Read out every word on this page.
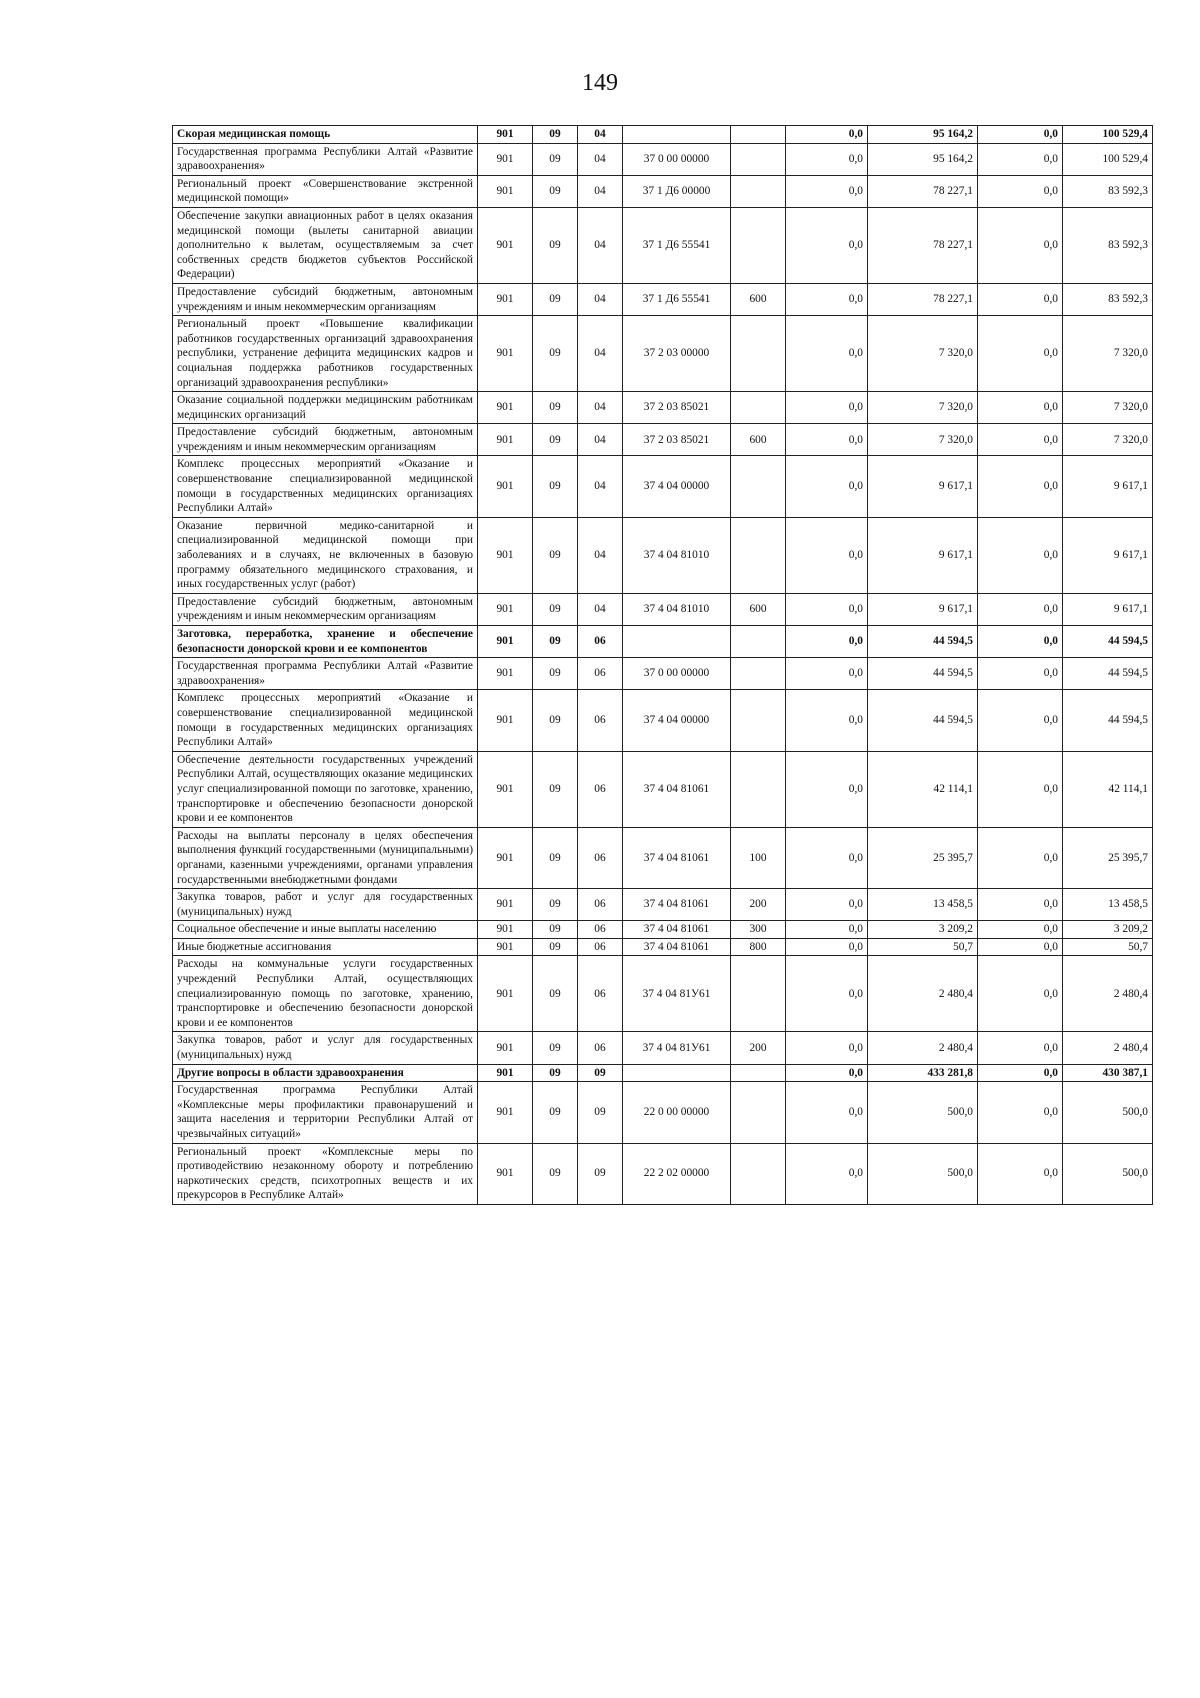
149
Скорая медицинская помощь	901	09	04			0,0	95 164,2	0,0	100 529,4
Государственная программа Республики Алтай «Развитие здравоохранения»	901	09	04	37 0 00 00000		0,0	95 164,2	0,0	100 529,4
Региональный проект «Совершенствование экстренной медицинской помощи»	901	09	04	37 1 Д6 00000		0,0	78 227,1	0,0	83 592,3
Обеспечение закупки авиационных работ в целях оказания медицинской помощи (вылеты санитарной авиации дополнительно к вылетам, осуществляемым за счет собственных средств бюджетов субъектов Российской Федерации)	901	09	04	37 1 Д6 55541		0,0	78 227,1	0,0	83 592,3
Предоставление субсидий бюджетным, автономным учреждениям и иным некоммерческим организациям	901	09	04	37 1 Д6 55541	600	0,0	78 227,1	0,0	83 592,3
Региональный проект «Повышение квалификации работников государственных организаций здравоохранения республики, устранение дефицита медицинских кадров и социальная поддержка работников государственных организаций здравоохранения республики»	901	09	04	37 2 03 00000		0,0	7 320,0	0,0	7 320,0
Оказание социальной поддержки медицинским работникам медицинских организаций	901	09	04	37 2 03 85021		0,0	7 320,0	0,0	7 320,0
Предоставление субсидий бюджетным, автономным учреждениям и иным некоммерческим организациям	901	09	04	37 2 03 85021	600	0,0	7 320,0	0,0	7 320,0
Комплекс процессных мероприятий «Оказание и совершенствование специализированной медицинской помощи в государственных медицинских организациях Республики Алтай»	901	09	04	37 4 04 00000		0,0	9 617,1	0,0	9 617,1
Оказание первичной медико-санитарной и специализированной медицинской помощи при заболеваниях и в случаях, не включенных в базовую программу обязательного медицинского страхования, и иных государственных услуг (работ)	901	09	04	37 4 04 81010		0,0	9 617,1	0,0	9 617,1
Предоставление субсидий бюджетным, автономным учреждениям и иным некоммерческим организациям	901	09	04	37 4 04 81010	600	0,0	9 617,1	0,0	9 617,1
Заготовка, переработка, хранение и обеспечение безопасности донорской крови и ее компонентов	901	09	06			0,0	44 594,5	0,0	44 594,5
Государственная программа Республики Алтай «Развитие здравоохранения»	901	09	06	37 0 00 00000		0,0	44 594,5	0,0	44 594,5
Комплекс процессных мероприятий «Оказание и совершенствование специализированной медицинской помощи в государственных медицинских организациях Республики Алтай»	901	09	06	37 4 04 00000		0,0	44 594,5	0,0	44 594,5
Обеспечение деятельности государственных учреждений Республики Алтай, осуществляющих оказание медицинских услуг специализированной помощи по заготовке, хранению, транспортировке и обеспечению безопасности донорской крови и ее компонентов	901	09	06	37 4 04 81061		0,0	42 114,1	0,0	42 114,1
Расходы на выплаты персоналу в целях обеспечения выполнения функций государственными (муниципальными) органами, казенными учреждениями, органами управления государственными внебюджетными фондами	901	09	06	37 4 04 81061	100	0,0	25 395,7	0,0	25 395,7
Закупка товаров, работ и услуг для государственных (муниципальных) нужд	901	09	06	37 4 04 81061	200	0,0	13 458,5	0,0	13 458,5
Социальное обеспечение и иные выплаты населению	901	09	06	37 4 04 81061	300	0,0	3 209,2	0,0	3 209,2
Иные бюджетные ассигнования	901	09	06	37 4 04 81061	800	0,0	50,7	0,0	50,7
Расходы на коммунальные услуги государственных учреждений Республики Алтай, осуществляющих специализированную помощь по заготовке, хранению, транспортировке и обеспечению безопасности донорской крови и ее компонентов	901	09	06	37 4 04 81У61		0,0	2 480,4	0,0	2 480,4
Закупка товаров, работ и услуг для государственных (муниципальных) нужд	901	09	06	37 4 04 81У61	200	0,0	2 480,4	0,0	2 480,4
Другие вопросы в области здравоохранения	901	09	09			0,0	433 281,8	0,0	430 387,1
Государственная программа Республики Алтай «Комплексные меры профилактики правонарушений и защита населения и территории Республики Алтай от чрезвычайных ситуаций»	901	09	09	22 0 00 00000		0,0	500,0	0,0	500,0
Региональный проект «Комплексные меры по противодействию незаконному обороту и потреблению наркотических средств, психотропных веществ и их прекурсоров в Республике Алтай»	901	09	09	22 2 02 00000		0,0	500,0	0,0	500,0
